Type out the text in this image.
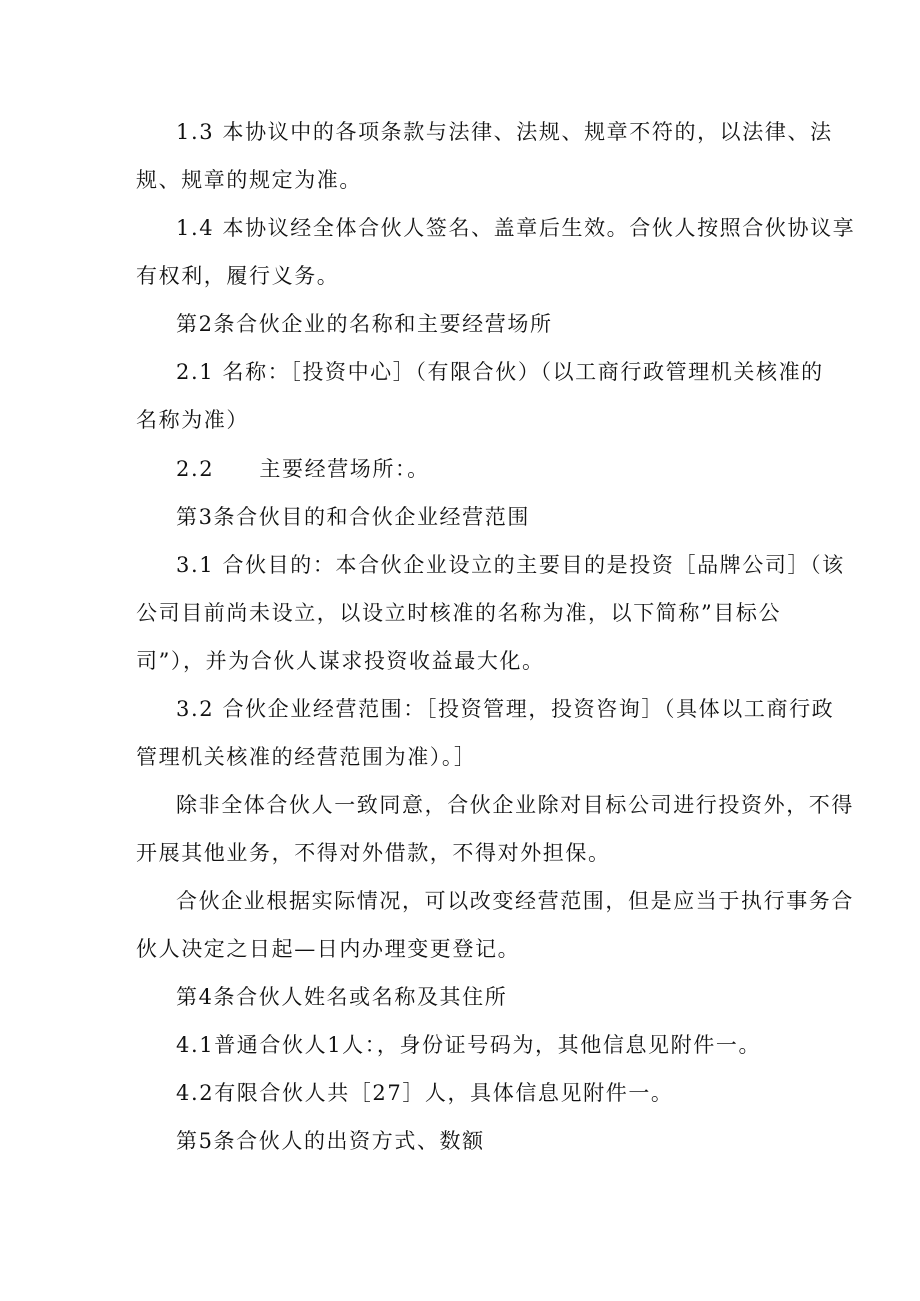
1.3 本协议中的各项条款与法律、法规、规章不符的，以法律、法
规、规章的规定为准。
1.4 本协议经全体合伙人签名、盖章后生效。合伙人按照合伙协议享
有权利，履行义务。
第2条合伙企业的名称和主要经营场所
2.1 名称：［投资中心］（有限合伙）（以工商行政管理机关核准的
名称为准）
2.2　　主要经营场所：。
第3条合伙目的和合伙企业经营范围
3.1 合伙目的：本合伙企业设立的主要目的是投资［品牌公司］（该
公司目前尚未设立，以设立时核准的名称为准，以下简称”目标公
司”），并为合伙人谋求投资收益最大化。
3.2 合伙企业经营范围：［投资管理，投资咨询］（具体以工商行政
管理机关核准的经营范围为准）。］
除非全体合伙人一致同意，合伙企业除对目标公司进行投资外，不得
开展其他业务，不得对外借款，不得对外担保。
合伙企业根据实际情况，可以改变经营范围，但是应当于执行事务合
伙人决定之日起—日内办理变更登记。
第4条合伙人姓名或名称及其住所
4.1普通合伙人1人：，身份证号码为，其他信息见附件一。
4.2有限合伙人共［27］人，具体信息见附件一。
第5条合伙人的出资方式、数额
